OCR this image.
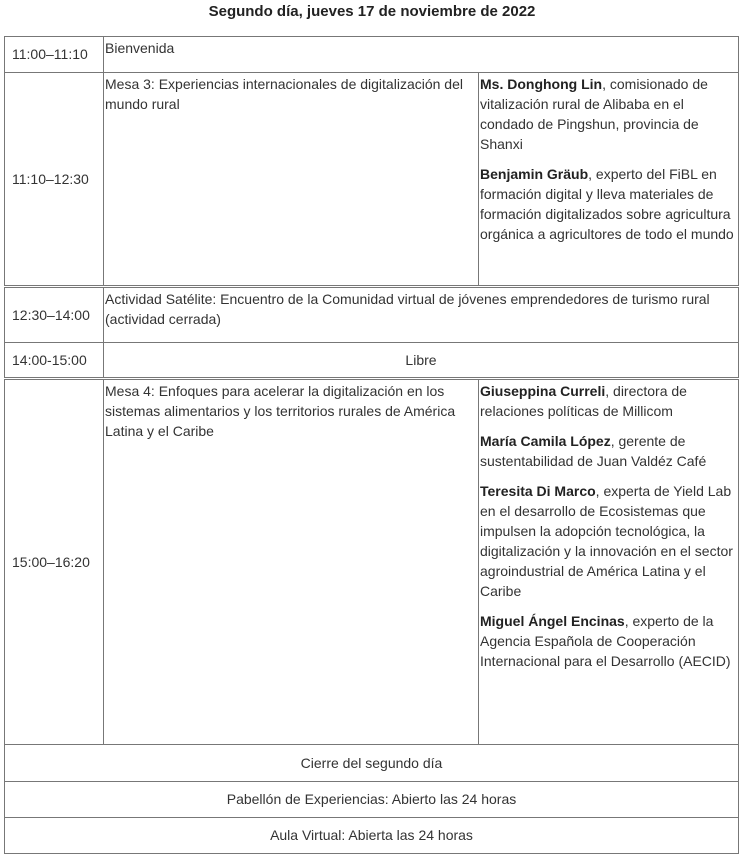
Segundo día, jueves 17 de noviembre de 2022
11:00–11:10	Bienvenida	
11:10–12:30	Mesa 3: Experiencias internacionales de digitalización del mundo rural	Ms. Donghong Lin, comisionado de vitalización rural de Alibaba en el condado de Pingshun, provincia de Shanxi

Benjamin Gräub, experto del FiBL en formación digital y lleva materiales de formación digitalizados sobre agricultura orgánica a agricultores de todo el mundo

12:30–14:00	Actividad Satélite: Encuentro de la Comunidad virtual de jóvenes emprendedores de turismo rural (actividad cerrada)	
14:00-15:00	Libre	
15:00–16:20	Mesa 4: Enfoques para acelerar la digitalización en los sistemas alimentarios y los territorios rurales de América Latina y el Caribe	Giuseppina Curreli, directora de relaciones políticas de Millicom

María Camila López, gerente de sustentabilidad de Juan Valdéz Café

Teresita Di Marco, experta de Yield Lab en el desarrollo de Ecosistemas que impulsen la adopción tecnológica, la digitalización y la innovación en el sector agroindustrial de América Latina y el Caribe

Miguel Ángel Encinas, experto de la Agencia Española de Cooperación Internacional para el Desarrollo (AECID)

Cierre del segundo día		
Pabellón de Experiencias: Abierto las 24 horas		
Aula Virtual: Abierta las 24 horas		
